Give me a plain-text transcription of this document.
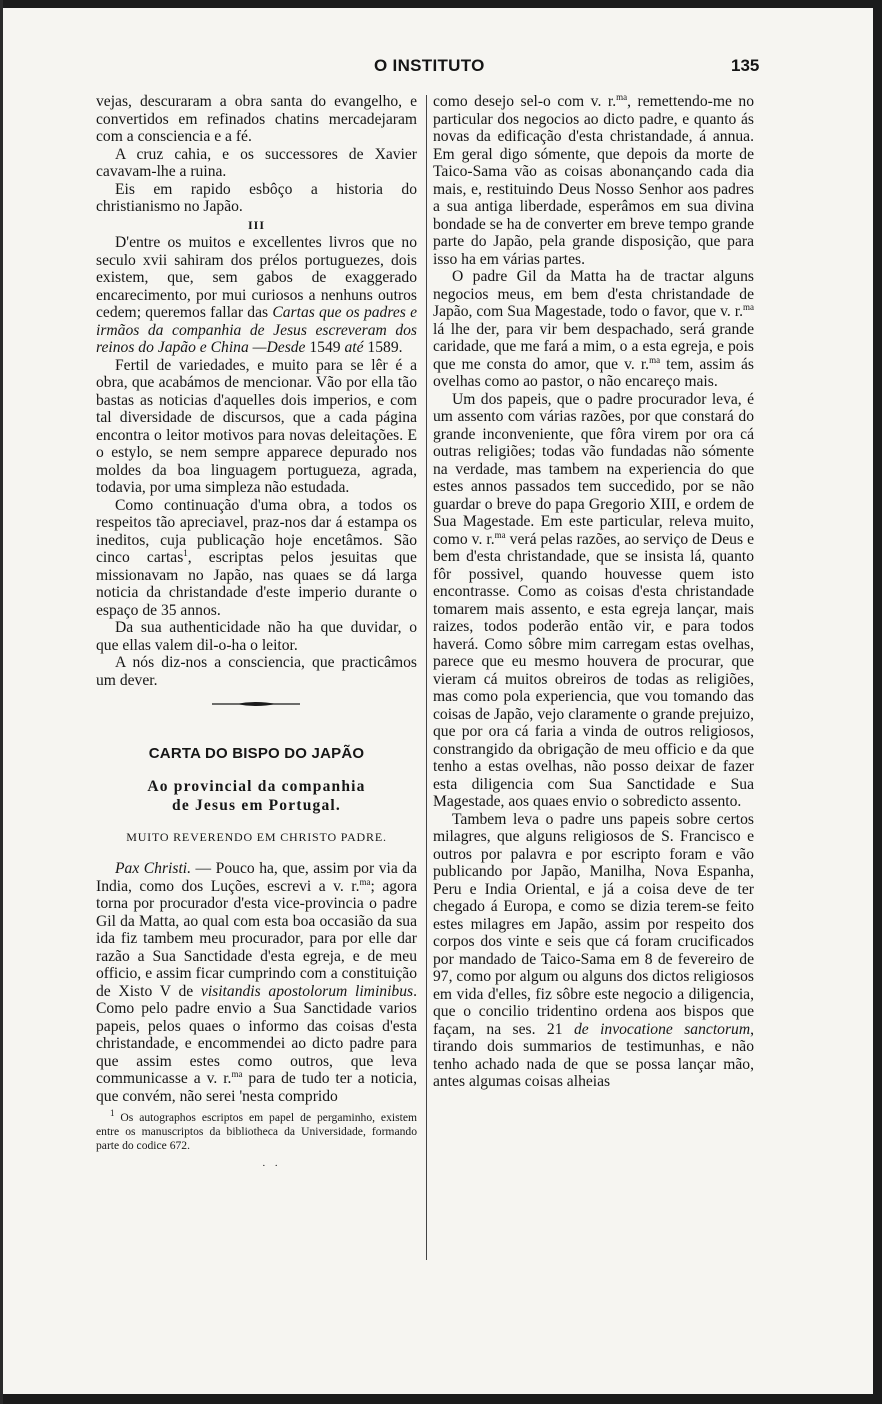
O INSTITUTO	135

vejas, descuraram a obra santa do evangelho, e convertidos em refinados chatins mercadejaram com a consciencia e a fé.

A cruz cahia, e os successores de Xavier cavavam-lhe a ruina.

Eis em rapido esbôço a historia do christianismo no Japão.

III

D'entre os muitos e excellentes livros que no seculo xvii sahiram dos prélos portuguezes, dois existem, que, sem gabos de exaggerado encarecimento, por mui curiosos a nenhuns outros cedem; queremos fallar das Cartas que os padres e irmãos da companhia de Jesus escreveram dos reinos do Japão e China —Desde 1549 até 1589.

Fertil de variedades, e muito para se lêr é a obra, que acabámos de mencionar. Vão por ella tão bastas as noticias d'aquelles dois imperios, e com tal diversidade de discursos, que a cada página encontra o leitor motivos para novas deleitações. E o estylo, se nem sempre apparece depurado nos moldes da boa linguagem portugueza, agrada, todavia, por uma simpleza não estudada.

Como continuação d'uma obra, a todos os respeitos tão apreciavel, praz-nos dar á estampa os ineditos, cuja publicação hoje encetâmos. São cinco cartas$^1$, escriptas pelos jesuitas que missionavam no Japão, nas quaes se dá larga noticia da christandade d'este imperio durante o espaço de 35 annos.

Da sua authenticidade não ha que duvidar, o que ellas valem dil-o-ha o leitor.

A nós diz-nos a consciencia, que practicâmos um dever.

CARTA DO BISPO DO JAPÃO

Ao provincial da companhia

de Jesus em Portugal.

MUITO REVERENDO EM CHRISTO PADRE.

Pax Christi. — Pouco ha, que, assim por via da India, como dos Luções, escrevi a v. r.$^{ma}$; agora torna por procurador d'esta vice-provincia o padre Gil da Matta, ao qual com esta boa occasião da sua ida fiz tambem meu procurador, para por elle dar razão a Sua Sanctidade d'esta egreja, e de meu officio, e assim ficar cumprindo com a constituição de Xisto V de visitandis apostolorum liminibus. Como pelo padre envio a Sua Sanctidade varios papeis, pelos quaes o informo das coisas d'esta christandade, e encommendei ao dicto padre para que assim estes como outros, que leva communicasse a v. r.$^{ma}$ para de tudo ter a noticia, que convém, não serei 'nesta comprido

$^1$ Os autographos escriptos em papel de pergaminho, existem entre os manuscriptos da bibliotheca da Universidade, formando parte do codice 672.

· ·

como desejo sel-o com v. r.$^{ma}$, remettendo-me no particular dos negocios ao dicto padre, e quanto ás novas da edificação d'esta christandade, á annua. Em geral digo sómente, que depois da morte de Taico-Sama vão as coisas abonançando cada dia mais, e, restituindo Deus Nosso Senhor aos padres a sua antiga liberdade, esperâmos em sua divina bondade se ha de converter em breve tempo grande parte do Japão, pela grande disposição, que para isso ha em várias partes.

O padre Gil da Matta ha de tractar alguns negocios meus, em bem d'esta christandade de Japão, com Sua Magestade, todo o favor, que v. r.$^{ma}$ lá lhe der, para vir bem despachado, será grande caridade, que me fará a mim, o a esta egreja, e pois que me consta do amor, que v. r.$^{ma}$ tem, assim ás ovelhas como ao pastor, o não encareço mais.

Um dos papeis, que o padre procurador leva, é um assento com várias razões, por que constará do grande inconveniente, que fôra virem por ora cá outras religiões; todas vão fundadas não sómente na verdade, mas tambem na experiencia do que estes annos passados tem succedido, por se não guardar o breve do papa Gregorio XIII, e ordem de Sua Magestade. Em este particular, releva muito, como v. r.$^{ma}$ verá pelas razões, ao serviço de Deus e bem d'esta christandade, que se insista lá, quanto fôr possivel, quando houvesse quem isto encontrasse. Como as coisas d'esta christandade tomarem mais assento, e esta egreja lançar, mais raizes, todos poderão então vir, e para todos haverá. Como sôbre mim carregam estas ovelhas, parece que eu mesmo houvera de procurar, que vieram cá muitos obreiros de todas as religiões, mas como pola experiencia, que vou tomando das coisas de Japão, vejo claramente o grande prejuizo, que por ora cá faria a vinda de outros religiosos, constrangido da obrigação de meu officio e da que tenho a estas ovelhas, não posso deixar de fazer esta diligencia com Sua Sanctidade e Sua Magestade, aos quaes envio o sobredicto assento.

Tambem leva o padre uns papeis sobre certos milagres, que alguns religiosos de S. Francisco e outros por palavra e por escripto foram e vão publicando por Japão, Manilha, Nova Espanha, Peru e India Oriental, e já a coisa deve de ter chegado á Europa, e como se dizia terem-se feito estes milagres em Japão, assim por respeito dos corpos dos vinte e seis que cá foram crucificados por mandado de Taico-Sama em 8 de fevereiro de 97, como por algum ou alguns dos dictos religiosos em vida d'elles, fiz sôbre este negocio a diligencia, que o concilio tridentino ordena aos bispos que façam, na ses. 21 de invocatione sanctorum, tirando dois summarios de testimunhas, e não tenho achado nada de que se possa lançar mão, antes algumas coisas alheias
